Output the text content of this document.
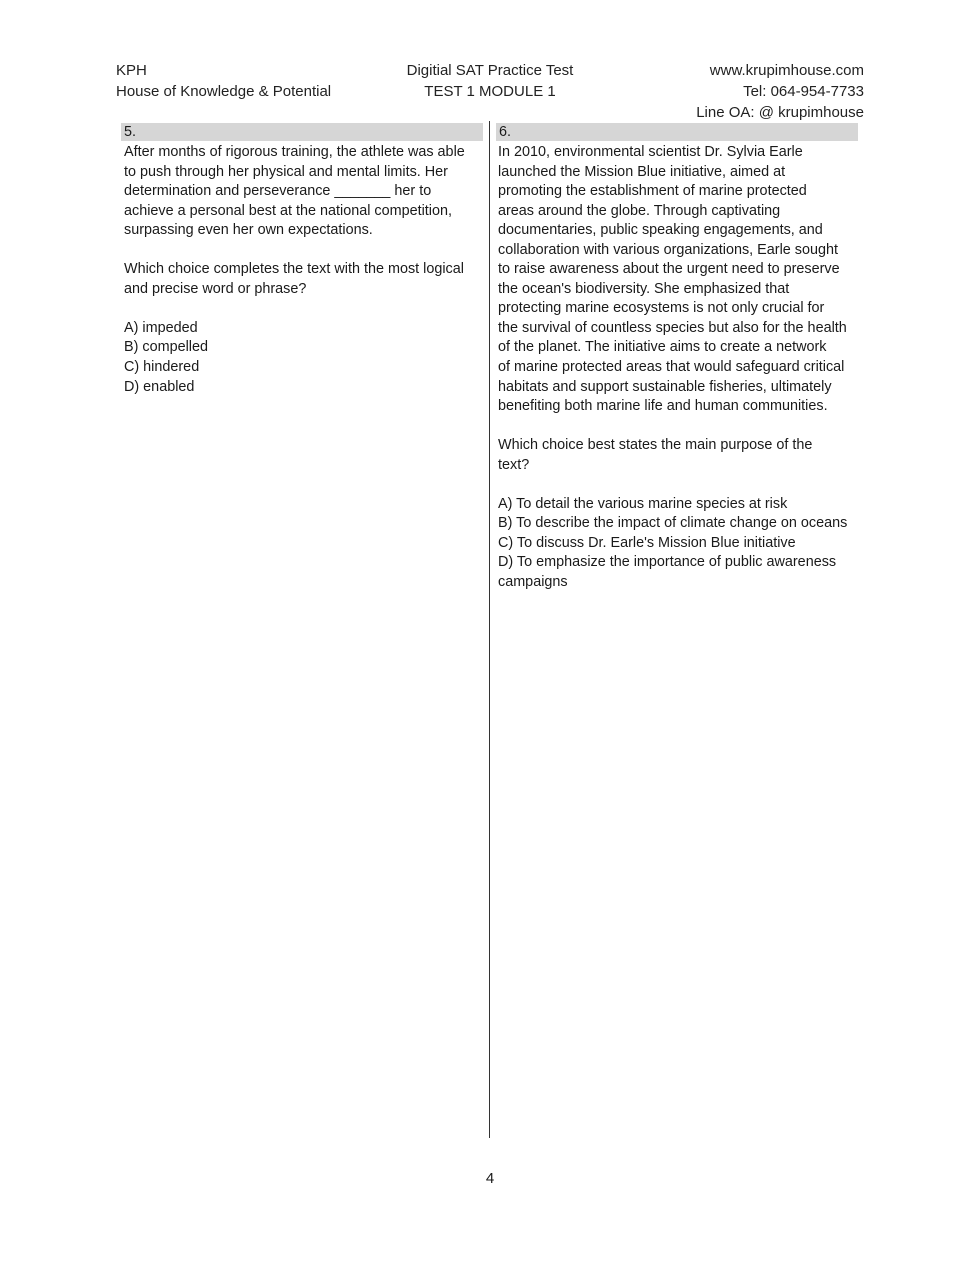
KPH
House of Knowledge & Potential
Digitial SAT Practice Test
TEST 1 MODULE 1
www.krupimhouse.com
Tel: 064-954-7733
Line OA: @ krupimhouse
5.	6.
After months of rigorous training, the athlete was able
to push through her physical and mental limits. Her
determination and perseverance _______ her to
achieve a personal best at the national competition,
surpassing even her own expectations.
Which choice completes the text with the most logical
and precise word or phrase?
A) impeded
B) compelled
C) hindered
D) enabled
In 2010, environmental scientist Dr. Sylvia Earle
launched the Mission Blue initiative, aimed at
promoting the establishment of marine protected
areas around the globe. Through captivating
documentaries, public speaking engagements, and
collaboration with various organizations, Earle sought
to raise awareness about the urgent need to preserve
the ocean's biodiversity. She emphasized that
protecting marine ecosystems is not only crucial for
the survival of countless species but also for the health
of the planet. The initiative aims to create a network
of marine protected areas that would safeguard critical
habitats and support sustainable fisheries, ultimately
benefiting both marine life and human communities.
Which choice best states the main purpose of the
text?
A) To detail the various marine species at risk
B) To describe the impact of climate change on oceans
C) To discuss Dr. Earle's Mission Blue initiative
D) To emphasize the importance of public awareness
campaigns
4
